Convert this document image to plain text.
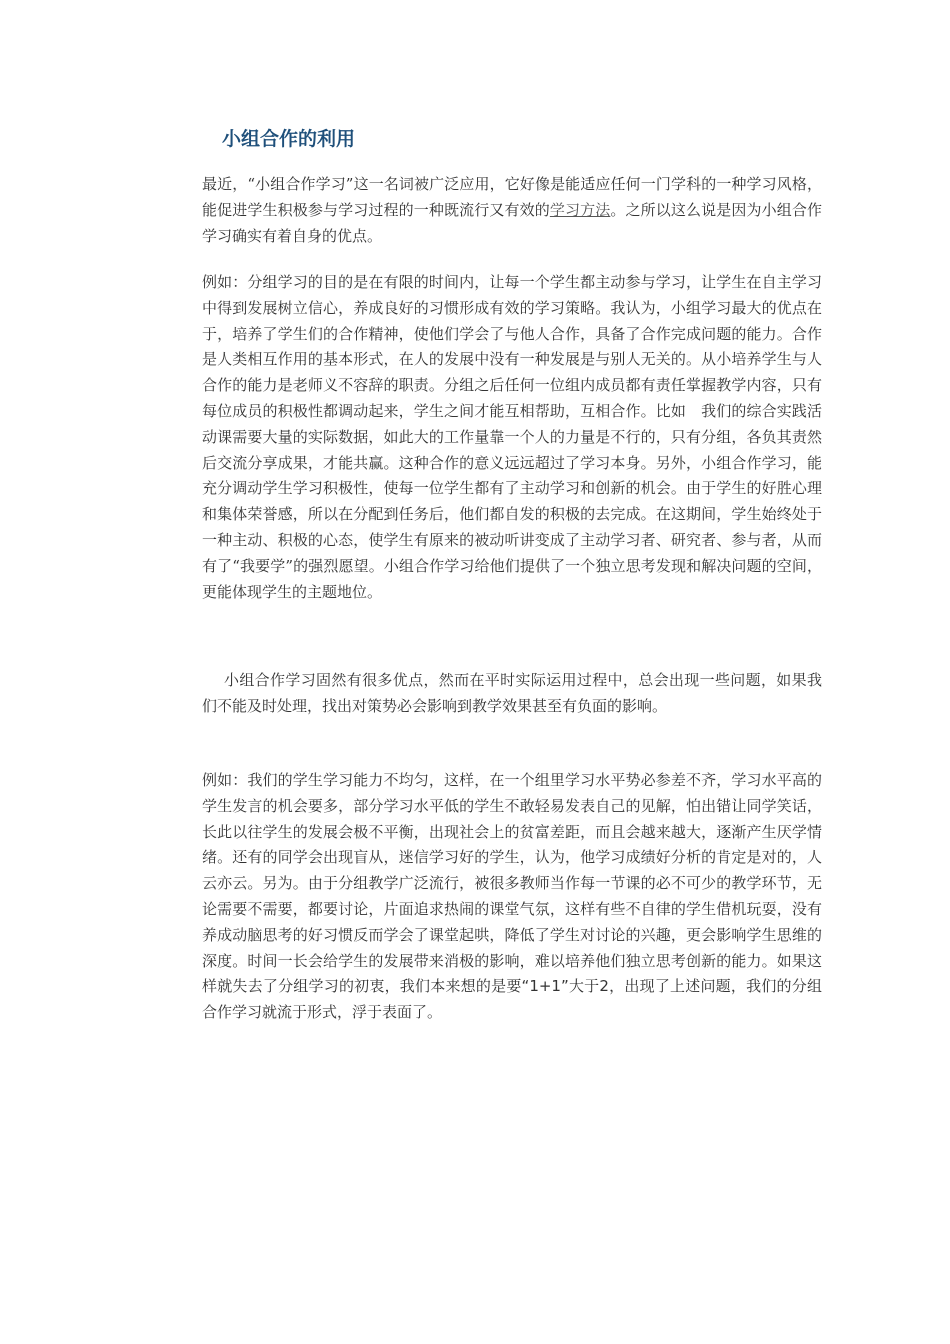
小组合作的利用
最近，“小组合作学习”这一名词被广泛应用，它好像是能适应任何一门学科的一种学习风格，能促进学生积极参与学习过程的一种既流行又有效的学习方法。之所以这么说是因为小组合作学习确实有着自身的优点。
例如：分组学习的目的是在有限的时间内，让每一个学生都主动参与学习，让学生在自主学习中得到发展树立信心，养成良好的习惯形成有效的学习策略。我认为，小组学习最大的优点在于，培养了学生们的合作精神，使他们学会了与他人合作，具备了合作完成问题的能力。合作是人类相互作用的基本形式，在人的发展中没有一种发展是与别人无关的。从小培养学生与人合作的能力是老师义不容辞的职责。分组之后任何一位组内成员都有责任掌握教学内容，只有每位成员的积极性都调动起来，学生之间才能互相帮助，互相合作。比如　我们的综合实践活动课需要大量的实际数据，如此大的工作量靠一个人的力量是不行的，只有分组，各负其责然后交流分享成果，才能共赢。这种合作的意义远远超过了学习本身。另外，小组合作学习，能充分调动学生学习积极性，使每一位学生都有了主动学习和创新的机会。由于学生的好胜心理和集体荣誉感，所以在分配到任务后，他们都自发的积极的去完成。在这期间，学生始终处于一种主动、积极的心态，使学生有原来的被动听讲变成了主动学习者、研究者、参与者，从而有了“我要学”的强烈愿望。小组合作学习给他们提供了一个独立思考发现和解决问题的空间，更能体现学生的主题地位。
小组合作学习固然有很多优点，然而在平时实际运用过程中，总会出现一些问题，如果我们不能及时处理，找出对策势必会影响到教学效果甚至有负面的影响。
例如：我们的学生学习能力不均匀，这样，在一个组里学习水平势必参差不齐，学习水平高的学生发言的机会要多，部分学习水平低的学生不敢轻易发表自己的见解，怕出错让同学笑话，长此以往学生的发展会极不平衡，出现社会上的贫富差距，而且会越来越大，逐渐产生厌学情绪。还有的同学会出现盲从，迷信学习好的学生，认为，他学习成绩好分析的肯定是对的，人云亦云。另为。由于分组教学广泛流行，被很多教师当作每一节课的必不可少的教学环节，无论需要不需要，都要讨论，片面追求热闹的课堂气氛，这样有些不自律的学生借机玩耍，没有养成动脑思考的好习惯反而学会了课堂起哄，降低了学生对讨论的兴趣，更会影响学生思维的深度。时间一长会给学生的发展带来消极的影响，难以培养他们独立思考创新的能力。如果这样就失去了分组学习的初衷，我们本来想的是要“1+1”大于2，出现了上述问题，我们的分组合作学习就流于形式，浮于表面了。
